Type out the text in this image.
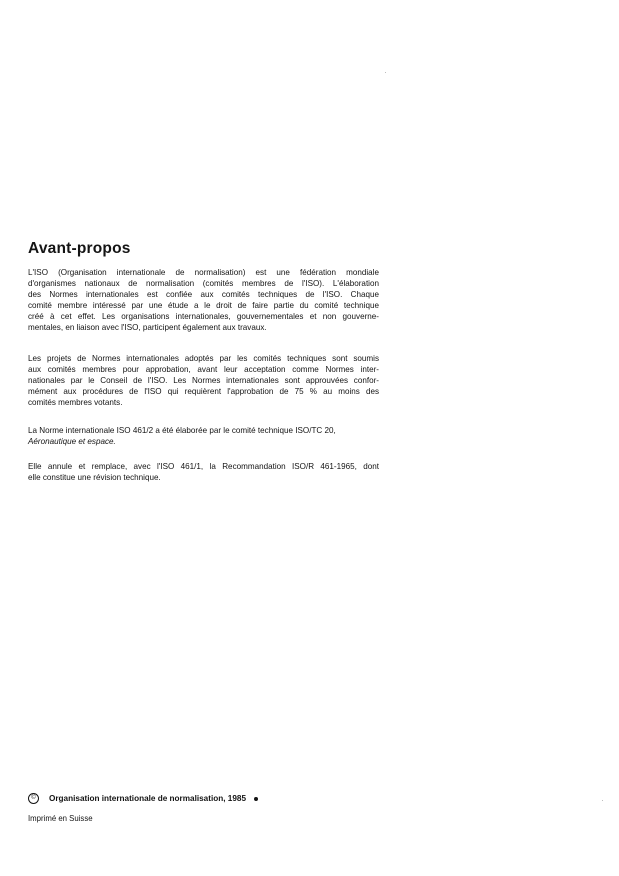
Avant-propos

L'ISO (Organisation internationale de normalisation) est une fédération mondiale
d'organismes nationaux de normalisation (comités membres de l'ISO). L'élaboration
des Normes internationales est confiée aux comités techniques de l'ISO. Chaque
comité membre intéressé par une étude a le droit de faire partie du comité technique
créé à cet effet. Les organisations internationales, gouvernementales et non gouverne-
mentales, en liaison avec l'ISO, participent également aux travaux.

Les projets de Normes internationales adoptés par les comités techniques sont soumis
aux comités membres pour approbation, avant leur acceptation comme Normes inter-
nationales par le Conseil de l'ISO. Les Normes internationales sont approuvées confor-
mément aux procédures de l'ISO qui requièrent l'approbation de 75 % au moins des
comités membres votants.

La Norme internationale ISO 461/2 a été élaborée par le comité technique ISO/TC 20,
Aéronautique et espace.

Elle annule et remplace, avec l'ISO 461/1, la Recommandation ISO/R 461-1965, dont
elle constitue une révision technique.

©	Organisation internationale de normalisation, 1985
Imprimé en Suisse
